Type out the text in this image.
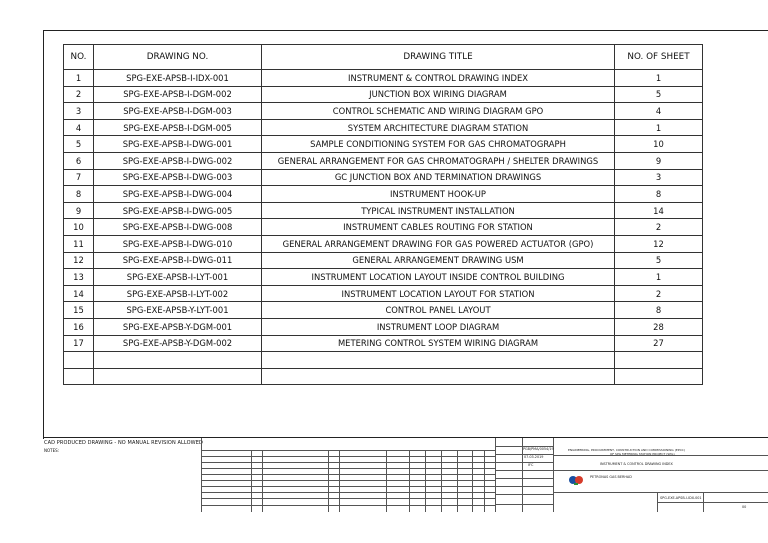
NO.	DRAWING NO.	DRAWING TITLE	NO. OF SHEET
1	SPG-EXE-APSB-I-IDX-001	INSTRUMENT & CONTROL DRAWING INDEX	1
2	SPG-EXE-APSB-I-DGM-002	JUNCTION BOX WIRING DIAGRAM	5
3	SPG-EXE-APSB-I-DGM-003	CONTROL SCHEMATIC AND WIRING DIAGRAM GPO	4
4	SPG-EXE-APSB-I-DGM-005	SYSTEM ARCHITECTURE DIAGRAM STATION	1
5	SPG-EXE-APSB-I-DWG-001	SAMPLE CONDITIONING SYSTEM FOR GAS CHROMATOGRAPH	10
6	SPG-EXE-APSB-I-DWG-002	GENERAL ARRANGEMENT FOR GAS CHROMATOGRAPH / SHELTER DRAWINGS	9
7	SPG-EXE-APSB-I-DWG-003	GC JUNCTION BOX AND TERMINATION DRAWINGS	3
8	SPG-EXE-APSB-I-DWG-004	INSTRUMENT HOOK-UP	8
9	SPG-EXE-APSB-I-DWG-005	TYPICAL INSTRUMENT INSTALLATION	14
10	SPG-EXE-APSB-I-DWG-008	INSTRUMENT CABLES ROUTING FOR STATION	2
11	SPG-EXE-APSB-I-DWG-010	GENERAL ARRANGEMENT DRAWING FOR GAS POWERED ACTUATOR (GPO)	12
12	SPG-EXE-APSB-I-DWG-011	GENERAL ARRANGEMENT DRAWING USM	5
13	SPG-EXE-APSB-I-LYT-001	INSTRUMENT LOCATION LAYOUT INSIDE CONTROL BUILDING	1
14	SPG-EXE-APSB-I-LYT-002	INSTRUMENT LOCATION LAYOUT FOR STATION	2
15	SPG-EXE-APSB-Y-LYT-001	CONTROL PANEL LAYOUT	8
16	SPG-EXE-APSB-Y-DGM-001	INSTRUMENT LOOP DIAGRAM	28
17	SPG-EXE-APSB-Y-DGM-002	METERING CONTROL SYSTEM WIRING DIAGRAM	27

CAD PRODUCED DRAWING - NO MANUAL REVISION ALLOWED
NOTES:	PGB/PMA/0054/19
IFC
07.03.2019
ENGINEERING, PROCUREMENT, CONSTRUCTION AND COMMISSIONING (EPCC)
OF SPG METERING STATION PROJECT (SPG)
INSTRUMENT & CONTROL DRAWING INDEX
PETRONAS GAS BERHAD
SPG-EXE-APSB-I-IDX-001
00
